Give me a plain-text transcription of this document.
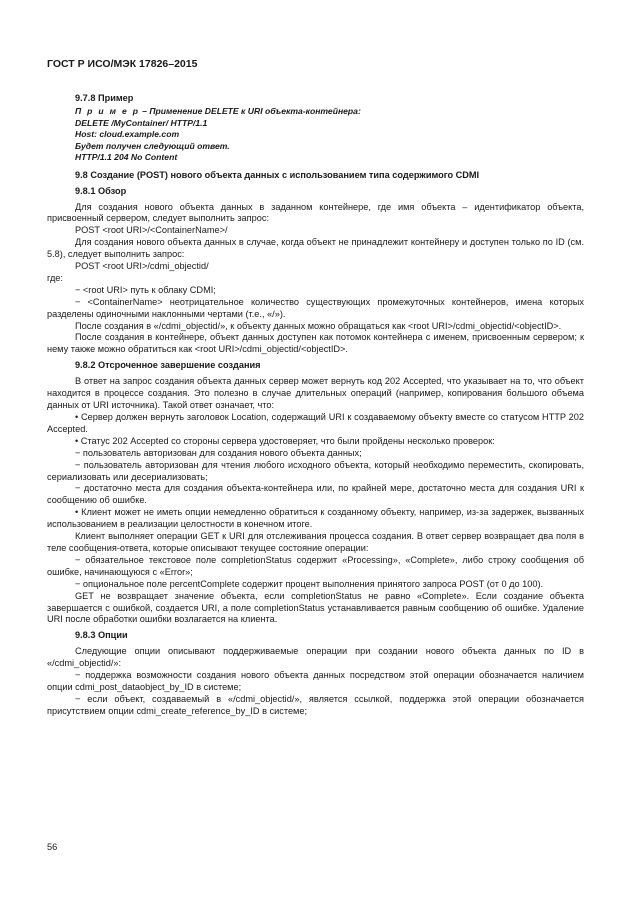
ГОСТ Р ИСО/МЭК 17826–2015
9.7.8 Пример
П р и м е р – Применение DELETE к URI объекта-контейнера:
DELETE /MyContainer/ HTTP/1.1
Host: cloud.example.com
Будет получен следующий ответ.
HTTP/1.1 204 No Content
9.8 Создание (POST) нового объекта данных с использованием типа содержимого CDMI
9.8.1 Обзор

Для создания нового объекта данных в заданном контейнере, где имя объекта – идентификатор объекта, присвоенный сервером, следует выполнить запрос:

POST <root URI>/<ContainerName>/

Для создания нового объекта данных в случае, когда объект не принадлежит контейнеру и доступен только по ID (см. 5.8), следует выполнить запрос:

POST <root URI>/cdmi_objectid/

где:

− <root URI> путь к облаку CDMI;

− <ContainerName> неотрицательное количество существующих промежуточных контейнеров, имена которых разделены одиночными наклонными чертами (т.е., «/»).

После создания в «/cdmi_objectid/», к объекту данных можно обращаться как <root URI>/cdmi_objectid/<objectID>.

После создания в контейнере, объект данных доступен как потомок контейнера с именем, присвоенным сервером; к нему также можно обратиться как <root URI>/cdmi_objectid/<objectID>.

9.8.2 Отсроченное завершение создания

В ответ на запрос создания объекта данных сервер может вернуть код 202 Accepted, что указывает на то, что объект находится в процессе создания. Это полезно в случае длительных операций (например, копирования большого объема данных от URI источника). Такой ответ означает, что:

• Сервер должен вернуть заголовок Location, содержащий URI к создаваемому объекту вместе со статусом HTTP 202 Accepted.

• Статус 202 Accepted со стороны сервера удостоверяет, что были пройдены несколько проверок:

− пользователь авторизован для создания нового объекта данных;

− пользователь авторизован для чтения любого исходного объекта, который необходимо переместить, скопировать, сериализовать или десериализовать;

− достаточно места для создания объекта-контейнера или, по крайней мере, достаточно места для создания URI к сообщению об ошибке.

• Клиент может не иметь опции немедленно обратиться к созданному объекту, например, из-за задержек, вызванных использованием в реализации целостности в конечном итоге.

Клиент выполняет операции GET к URI для отслеживания процесса создания. В ответ сервер возвращает два поля в теле сообщения-ответа, которые описывают текущее состояние операции:

− обязательное текстовое поле completionStatus содержит «Processing», «Complete», либо строку сообщения об ошибке, начинающуюся с «Error»;

− опциональное поле percentComplete содержит процент выполнения принятого запроса POST (от 0 до 100).

GET не возвращает значение объекта, если completionStatus не равно «Complete». Если создание объекта завершается с ошибкой, создается URI, а поле completionStatus устанавливается равным сообщению об ошибке. Удаление URI после обработки ошибки возлагается на клиента.

9.8.3 Опции

Следующие опции описывают поддерживаемые операции при создании нового объекта данных по ID в «/cdmi_objectid/»:

− поддержка возможности создания нового объекта данных посредством этой операции обозначается наличием опции cdmi_post_dataobject_by_ID в системе;

− если объект, создаваемый в «/cdmi_objectid/», является ссылкой, поддержка этой операции обозначается присутствием опции cdmi_create_reference_by_ID в системе;

56
